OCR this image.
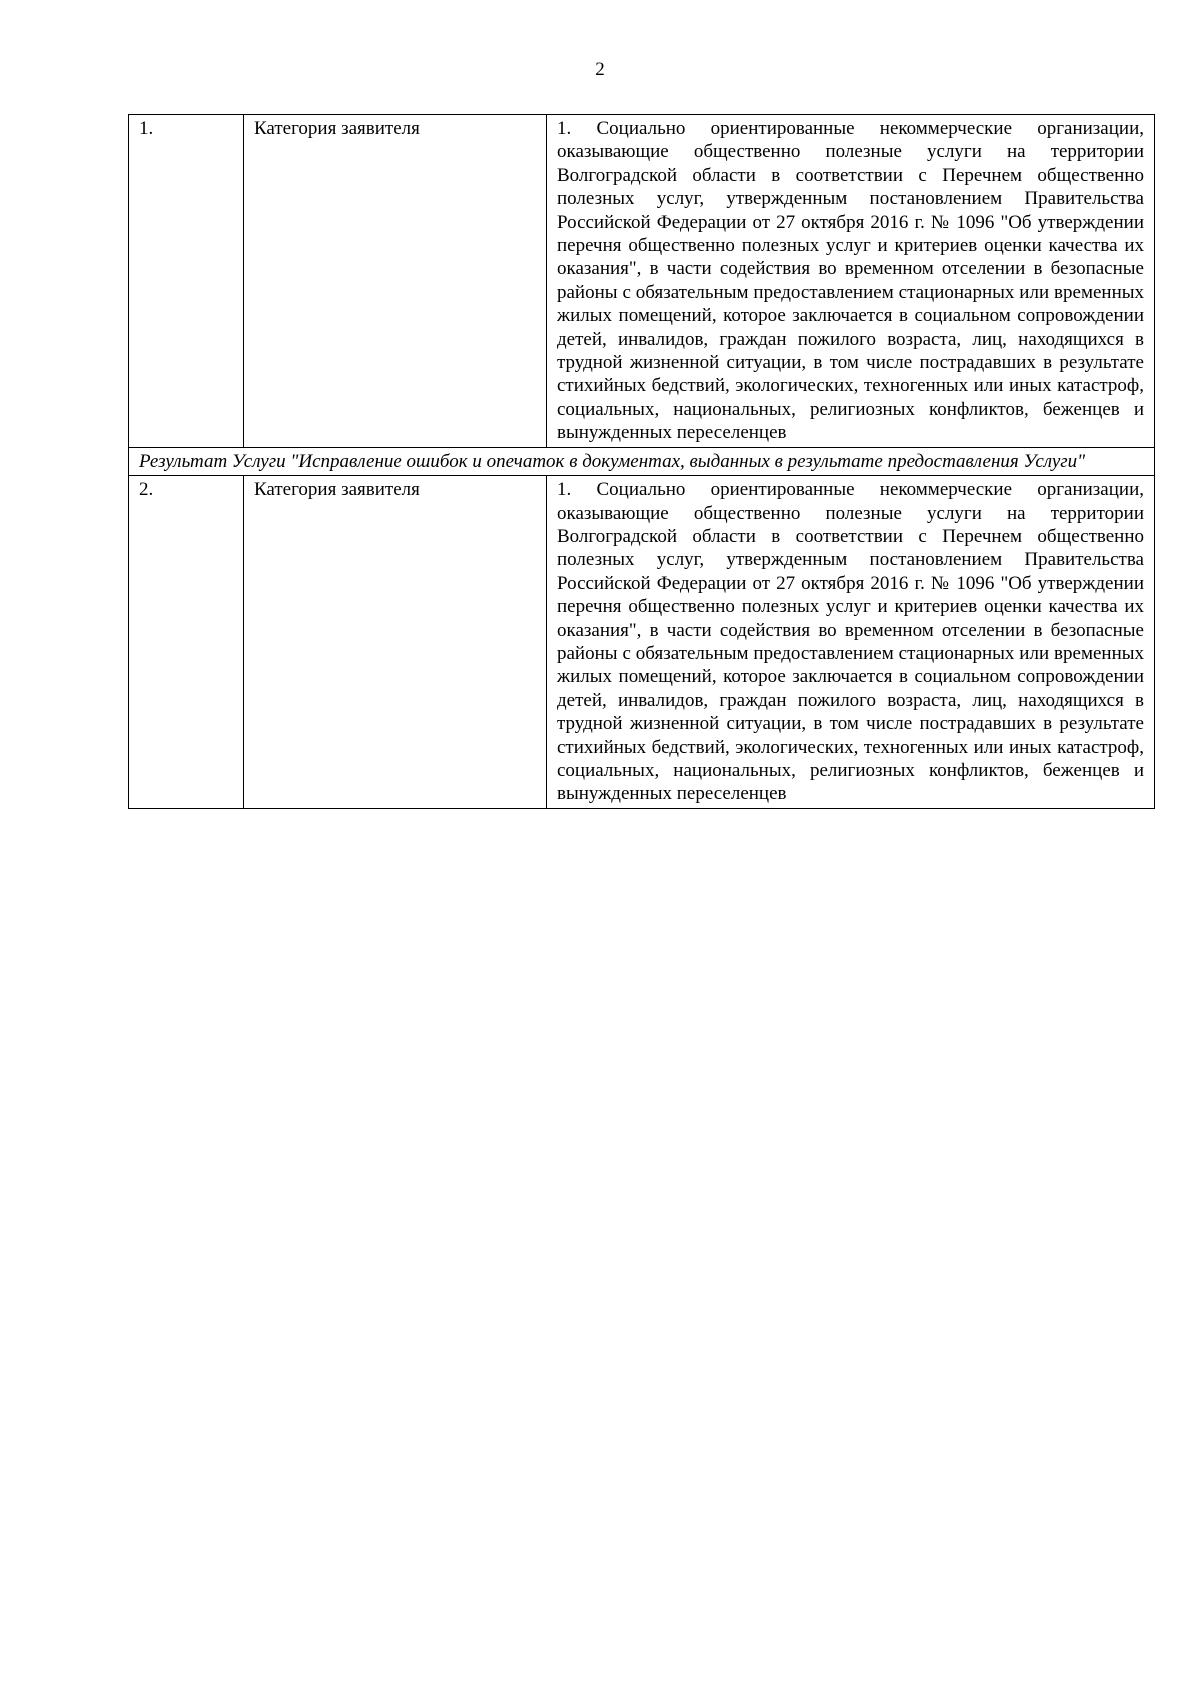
2
1.	Категория заявителя	1. Социально ориентированные некоммерческие организации, оказывающие общественно полезные услуги на территории Волгоградской области в соответствии с Перечнем общественно полезных услуг, утвержденным постановлением Правительства Российской Федерации от 27 октября 2016 г. № 1096 "Об утверждении перечня общественно полезных услуг и критериев оценки качества их оказания", в части содействия во временном отселении в безопасные районы с обязательным предоставлением стационарных или временных жилых помещений, которое заключается в социальном сопровождении детей, инвалидов, граждан пожилого возраста, лиц, находящихся в трудной жизненной ситуации, в том числе пострадавших в результате стихийных бедствий, экологических, техногенных или иных катастроф, социальных, национальных, религиозных конфликтов, беженцев и вынужденных переселенцев
Результат Услуги "Исправление ошибок и опечаток в документах, выданных в результате предоставления Услуги"		
2.	Категория заявителя	1. Социально ориентированные некоммерческие организации, оказывающие общественно полезные услуги на территории Волгоградской области в соответствии с Перечнем общественно полезных услуг, утвержденным постановлением Правительства Российской Федерации от 27 октября 2016 г. № 1096 "Об утверждении перечня общественно полезных услуг и критериев оценки качества их оказания", в части содействия во временном отселении в безопасные районы с обязательным предоставлением стационарных или временных жилых помещений, которое заключается в социальном сопровождении детей, инвалидов, граждан пожилого возраста, лиц, находящихся в трудной жизненной ситуации, в том числе пострадавших в результате стихийных бедствий, экологических, техногенных или иных катастроф, социальных, национальных, религиозных конфликтов, беженцев и вынужденных переселенцев
